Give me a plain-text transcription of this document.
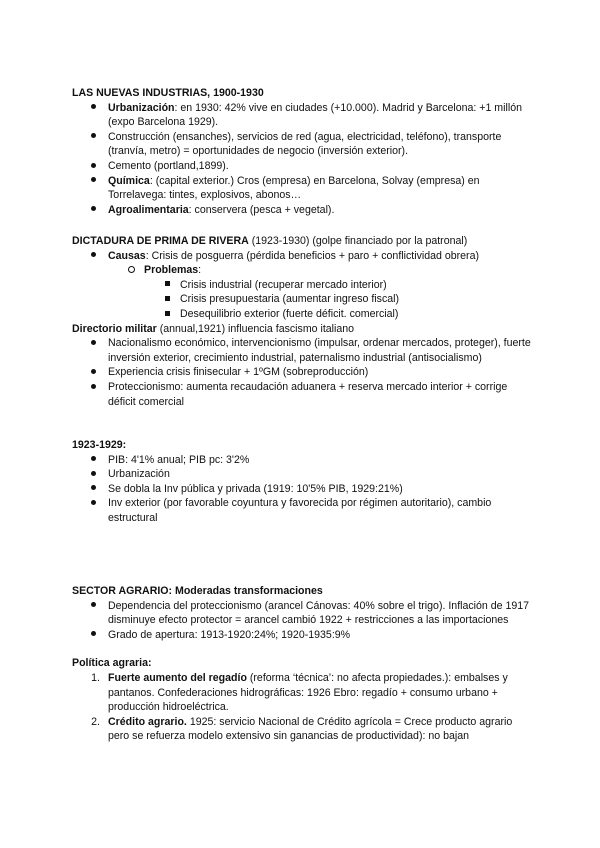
LAS NUEVAS INDUSTRIAS, 1900-1930
Urbanización: en 1930: 42% vive en ciudades (+10.000). Madrid y Barcelona: +1 millón (expo Barcelona 1929).
Construcción (ensanches), servicios de red (agua, electricidad, teléfono), transporte (tranvía, metro) = oportunidades de negocio (inversión exterior).
Cemento (portland,1899).
Química: (capital exterior.) Cros (empresa) en Barcelona, Solvay (empresa) en Torrelavega: tintes, explosivos, abonos…
Agroalimentaria: conservera (pesca + vegetal).
DICTADURA DE PRIMA DE RIVERA (1923-1930) (golpe financiado por la patronal)
Causas: Crisis de posguerra (pérdida beneficios + paro + conflictividad obrera)
Problemas:
Crisis industrial (recuperar mercado interior)
Crisis presupuestaria (aumentar ingreso fiscal)
Desequilibrio exterior (fuerte déficit. comercial)
Directorio militar (annual,1921) influencia fascismo italiano
Nacionalismo económico, intervencionismo (impulsar, ordenar mercados, proteger), fuerte inversión exterior, crecimiento industrial, paternalismo industrial (antisocialismo)
Experiencia crisis finisecular + 1ºGM (sobreproducción)
Proteccionismo: aumenta recaudación aduanera + reserva mercado interior + corrige déficit comercial
1923-1929:
PIB: 4'1% anual; PIB pc: 3'2%
Urbanización
Se dobla la Inv pública y privada (1919: 10'5% PIB, 1929:21%)
Inv exterior (por favorable coyuntura y favorecida por régimen autoritario), cambio estructural
SECTOR AGRARIO: Moderadas transformaciones
Dependencia del proteccionismo (arancel Cánovas: 40% sobre el trigo). Inflación de 1917 disminuye efecto protector = arancel cambió 1922 + restricciones a las importaciones
Grado de apertura: 1913-1920:24%; 1920-1935:9%
Política agraria:
1. Fuerte aumento del regadío (reforma ‘técnica’: no afecta propiedades.): embalses y pantanos. Confederaciones hidrográficas: 1926 Ebro: regadío + consumo urbano + producción hidroeléctrica.
2. Crédito agrario. 1925: servicio Nacional de Crédito agrícola = Crece producto agrario pero se refuerza modelo extensivo sin ganancias de productividad): no bajan
